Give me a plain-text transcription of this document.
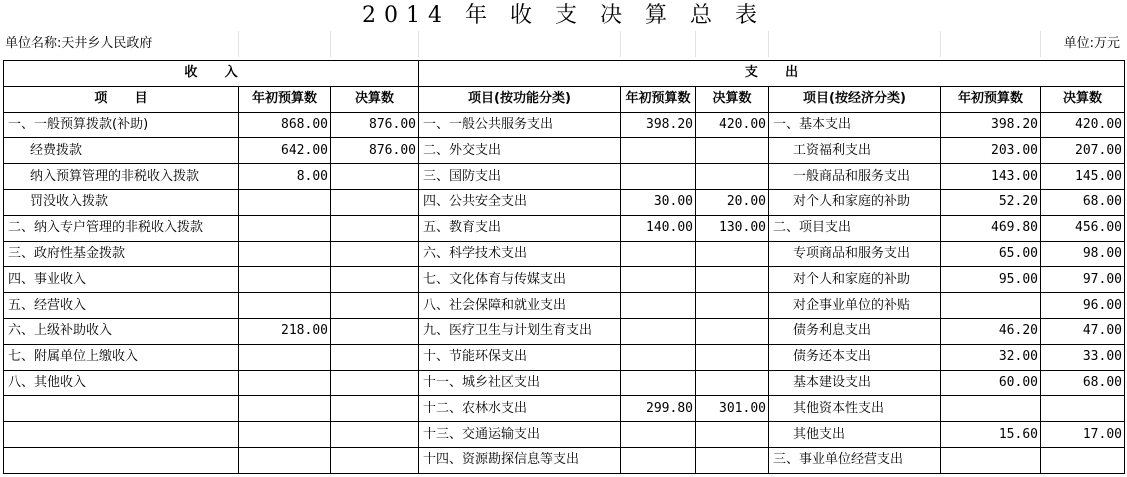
2014 年 收 支 决 算 总 表
单位名称:天井乡人民政府	单位:万元
收      入			支      出					
项      目	年初预算数	决算数	项目(按功能分类)	年初预算数	决算数	项目(按经济分类)	年初预算数	决算数
一、一般预算拨款(补助)	868.00	876.00	一、一般公共服务支出	398.20	420.00	一、基本支出	398.20	420.00
经费拨款	642.00	876.00	二、外交支出			工资福利支出	203.00	207.00
纳入预算管理的非税收入拨款	8.00		三、国防支出			一般商品和服务支出	143.00	145.00
罚没收入拨款			四、公共安全支出	30.00	20.00	对个人和家庭的补助	52.20	68.00
二、纳入专户管理的非税收入拨款			五、教育支出	140.00	130.00	二、项目支出	469.80	456.00
三、政府性基金拨款			六、科学技术支出			专项商品和服务支出	65.00	98.00
四、事业收入			七、文化体育与传媒支出			对个人和家庭的补助	95.00	97.00
五、经营收入			八、社会保障和就业支出			对企事业单位的补贴		96.00
六、上级补助收入	218.00		九、医疗卫生与计划生育支出			债务利息支出	46.20	47.00
七、附属单位上缴收入			十、节能环保支出			债务还本支出	32.00	33.00
八、其他收入			十一、城乡社区支出			基本建设支出	60.00	68.00
			十二、农林水支出	299.80	301.00	其他资本性支出		
			十三、交通运输支出			其他支出	15.60	17.00
			十四、资源勘探信息等支出			三、事业单位经营支出		
